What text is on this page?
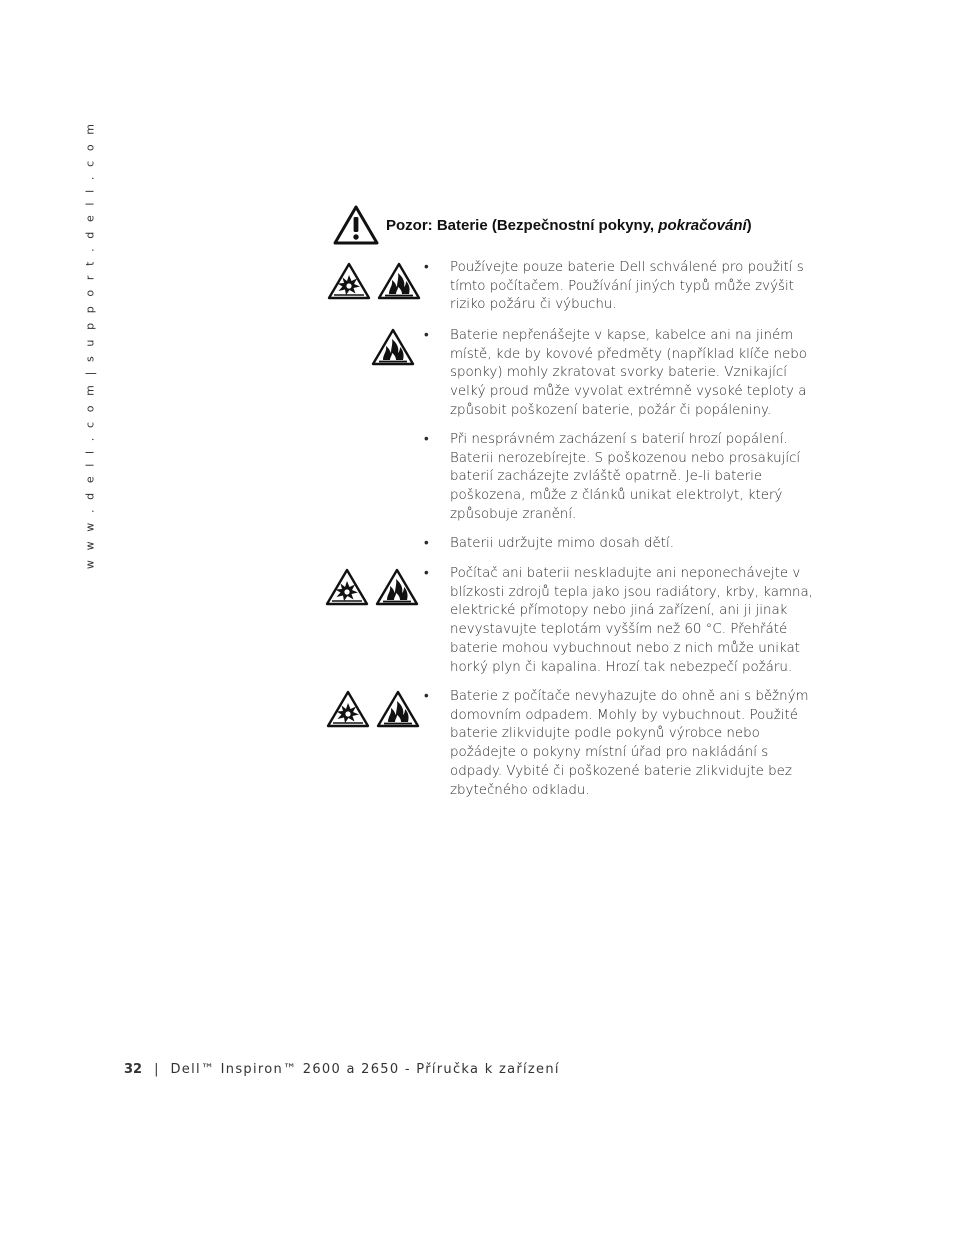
w w w . d e l l . c o m | s u p p o r t . d e l l . c o m	Pozor: Baterie (Bezpečnostní pokyny, pokračování)
•	Používejte pouze baterie Dell schválené pro použití s tímto počítačem. Používání jiných typů může zvýšit riziko požáru či výbuchu.
•	Baterie nepřenášejte v kapse, kabelce ani na jiném místě, kde by kovové předměty (například klíče nebo sponky) mohly zkratovat svorky baterie. Vznikající velký proud může vyvolat extrémně vysoké teploty a způsobit poškození baterie, požár či popáleniny.
•	Při nesprávném zacházení s baterií hrozí popálení. Baterii nerozebírejte. S poškozenou nebo prosakující baterií zacházejte zvláště opatrně. Je-li baterie poškozena, může z článků unikat elektrolyt, který způsobuje zranění.
•	Baterii udržujte mimo dosah dětí.
•	Počítač ani baterii neskladujte ani neponechávejte v blízkosti zdrojů tepla jako jsou radiátory, krby, kamna, elektrické přímotopy nebo jiná zařízení, ani ji jinak nevystavujte teplotám vyšším než 60 °C. Přehřáté baterie mohou vybuchnout nebo z nich může unikat horký plyn či kapalina. Hrozí tak nebezpečí požáru.
•	Baterie z počítače nevyhazujte do ohně ani s běžným domovním odpadem. Mohly by vybuchnout. Použité baterie zlikvidujte podle pokynů výrobce nebo požádejte o pokyny místní úřad pro nakládání s odpady. Vybité či poškozené baterie zlikvidujte bez zbytečného odkladu.
32 | Dell™ Inspiron™ 2600 a 2650 - Příručka k zařízení
